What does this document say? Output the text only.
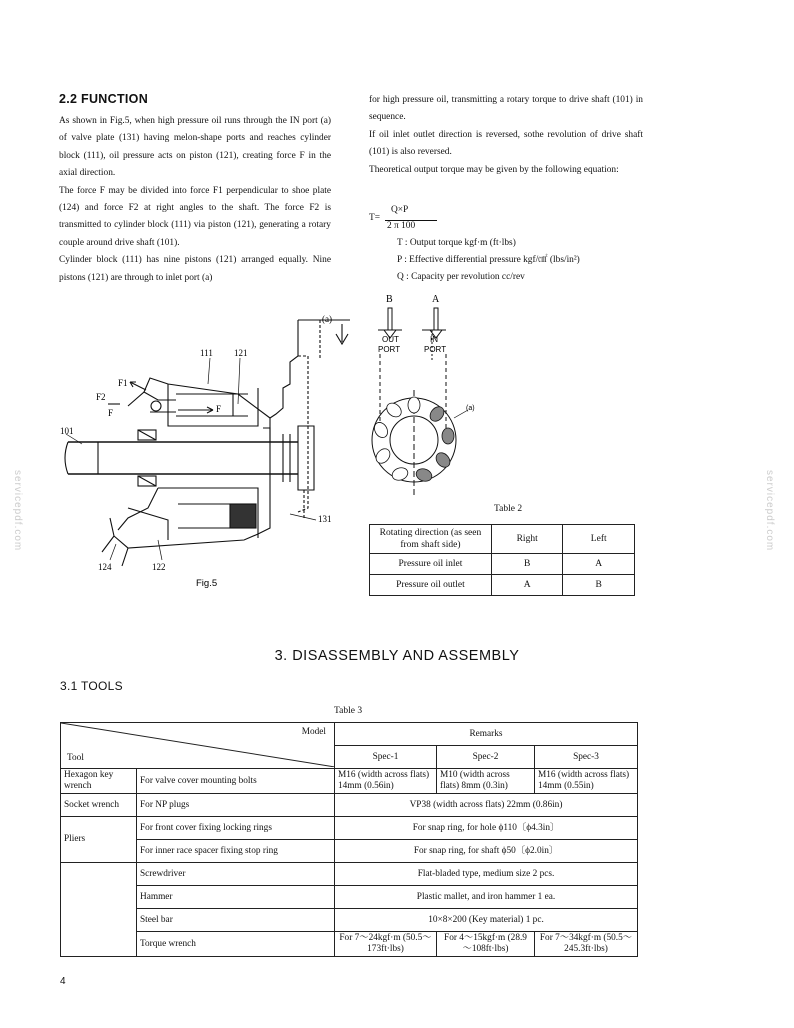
servicepdf.com	servicepdf.com
2.2 FUNCTION

As shown in Fig.5, when high pressure oil runs through the IN port (a) of valve plate (131) having melon-shape ports and reaches cylinder block (111), oil pressure acts on piston (121), creating force F in the axial direction.

The force F may be divided into force F1 perpendicular to shoe plate (124) and force F2 at right angles to the shaft. The force F2 is transmitted to cylinder block (111) via piston (121), generating a rotary couple around drive shaft (101).

Cylinder block (111) has nine pistons (121) arranged equally. Nine pistons (121) are through to inlet port (a)

for high pressure oil, transmitting a rotary torque to drive shaft (101) in sequence.

If oil inlet outlet direction is reversed, sothe revolution of drive shaft (101) is also reversed.

Theoretical output torque may be given by the following equation:

T=
Q×P
2 π 100
T : Output torque kgf·m (ft·lbs)
P : Effective differential pressure kgf/㎠ (lbs/in²)
Q : Capacity per revolution cc/rev
(a)
111 121
F1
F2
F	F
101
131
124	122
Fig.5
B	A
OUT
PORT
IN
PORT
(a)
Table 2
Rotating direction (as seen from shaft side)	Right	Left
Pressure oil inlet	B	A
Pressure oil outlet	A	B
3. DISASSEMBLY AND ASSEMBLY
3.1 TOOLS
Table 3
Model
Tool		Remarks		
		Spec-1	Spec-2	Spec-3
Hexagon key wrench	For valve cover mounting bolts	M16 (width across flats) 14mm (0.56in)	M10 (width across flats) 8mm (0.3in)	M16 (width across flats) 14mm (0.55in)
Socket wrench	For NP plugs	VP38 (width across flats) 22mm (0.86in)		
Pliers	For front cover fixing locking rings	For snap ring, for hole ϕ110〔ϕ4.3in〕		
	For inner race spacer fixing stop ring	For snap ring, for shaft ϕ50〔ϕ2.0in〕		
	Screwdriver	Flat-bladed type, medium size 2 pcs.		
	Hammer	Plastic mallet, and iron hammer 1 ea.		
	Steel bar	10×8×200 (Key material) 1 pc.		
	Torque wrench	For 7～24kgf·m (50.5～173ft·lbs)	For 4～15kgf·m (28.9～108ft·lbs)	For 7～34kgf·m (50.5～245.3ft·lbs)
4
